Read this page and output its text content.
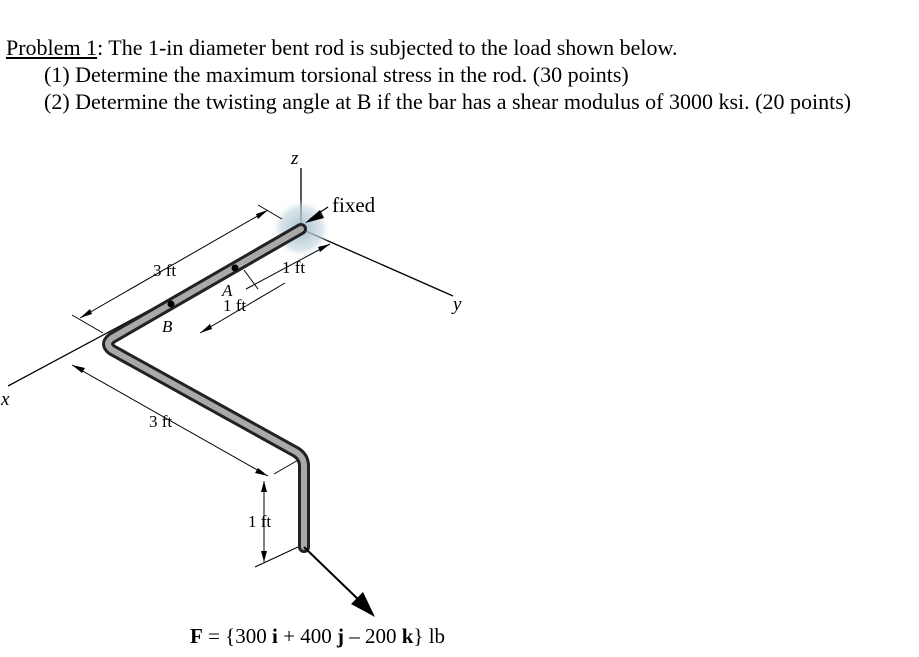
Problem 1: The 1-in diameter bent rod is subjected to the load shown below.
(1) Determine the maximum torsional stress in the rod. (30 points)
(2) Determine the twisting angle at B if the bar has a shear modulus of 3000 ksi. (20 points)
z
y
x
fixed
A
B
3 ft	1 ft
1 ft
3 ft
1 ft
F = {300 i + 400 j – 200 k} lb
